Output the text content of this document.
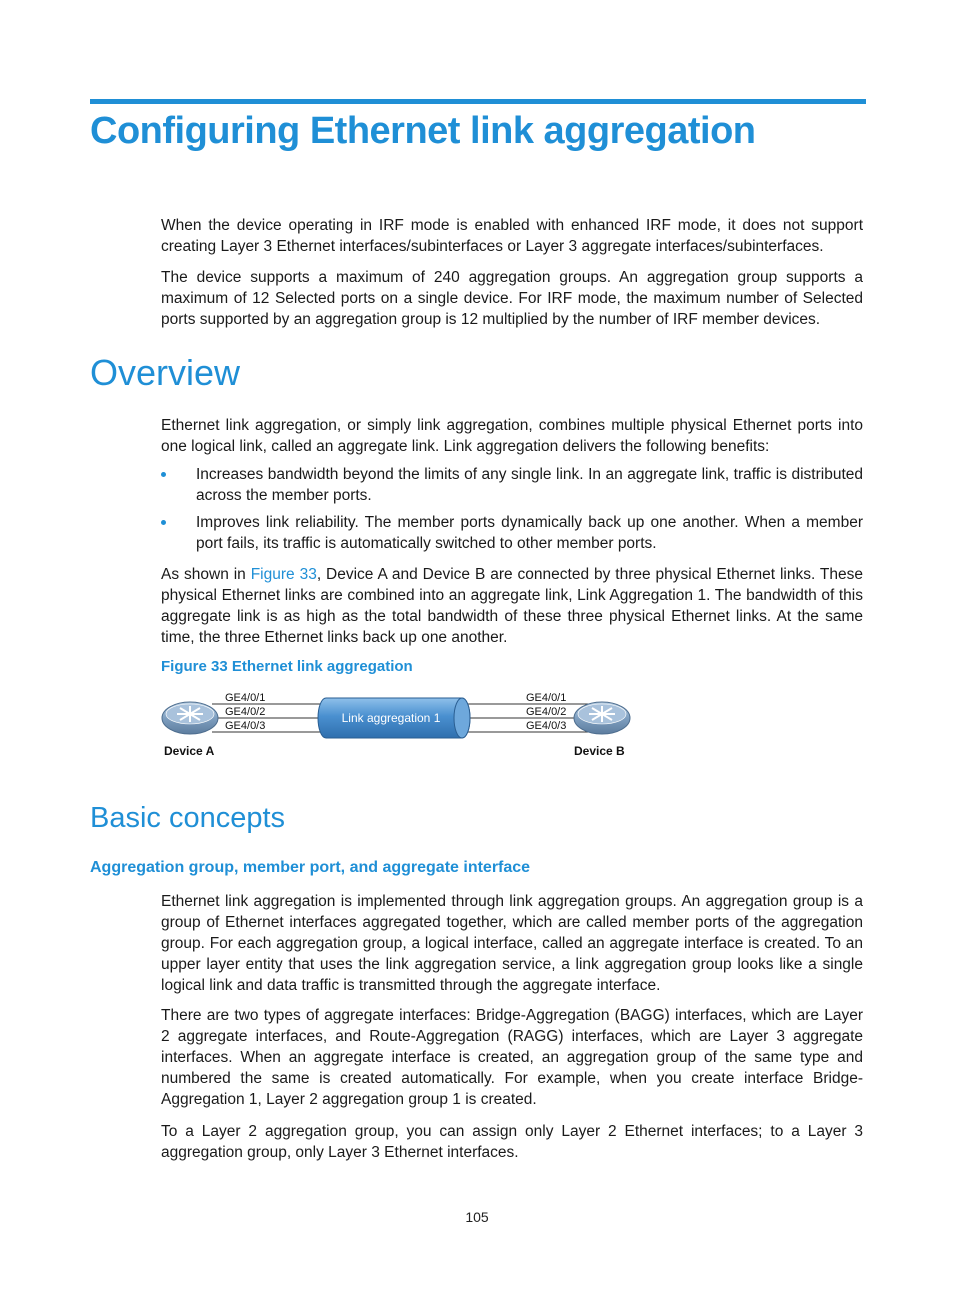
Configuring Ethernet link aggregation

When the device operating in IRF mode is enabled with enhanced IRF mode, it does not support creating Layer 3 Ethernet interfaces/subinterfaces or Layer 3 aggregate interfaces/subinterfaces.

The device supports a maximum of 240 aggregation groups. An aggregation group supports a maximum of 12 Selected ports on a single device. For IRF mode, the maximum number of Selected ports supported by an aggregation group is 12 multiplied by the number of IRF member devices.

Overview

Ethernet link aggregation, or simply link aggregation, combines multiple physical Ethernet ports into one logical link, called an aggregate link. Link aggregation delivers the following benefits:

Increases bandwidth beyond the limits of any single link. In an aggregate link, traffic is distributed across the member ports.
Improves link reliability. The member ports dynamically back up one another. When a member port fails, its traffic is automatically switched to other member ports.

As shown in Figure 33, Device A and Device B are connected by three physical Ethernet links. These physical Ethernet links are combined into an aggregate link, Link Aggregation 1. The bandwidth of this aggregate link is as high as the total bandwidth of these three physical Ethernet links. At the same time, the three Ethernet links back up one another.

Figure 33 Ethernet link aggregation

Link aggregation 1
GE4/0/1
GE4/0/2
GE4/0/3
GE4/0/1
GE4/0/2
GE4/0/3
Device A	Device B
Basic concepts
Aggregation group, member port, and aggregate interface

Ethernet link aggregation is implemented through link aggregation groups. An aggregation group is a group of Ethernet interfaces aggregated together, which are called member ports of the aggregation group. For each aggregation group, a logical interface, called an aggregate interface is created. To an upper layer entity that uses the link aggregation service, a link aggregation group looks like a single logical link and data traffic is transmitted through the aggregate interface.

There are two types of aggregate interfaces: Bridge-Aggregation (BAGG) interfaces, which are Layer 2 aggregate interfaces, and Route-Aggregation (RAGG) interfaces, which are Layer 3 aggregate interfaces. When an aggregate interface is created, an aggregation group of the same type and numbered the same is created automatically. For example, when you create interface Bridge-Aggregation 1, Layer 2 aggregation group 1 is created.

To a Layer 2 aggregation group, you can assign only Layer 2 Ethernet interfaces; to a Layer 3 aggregation group, only Layer 3 Ethernet interfaces.

105
